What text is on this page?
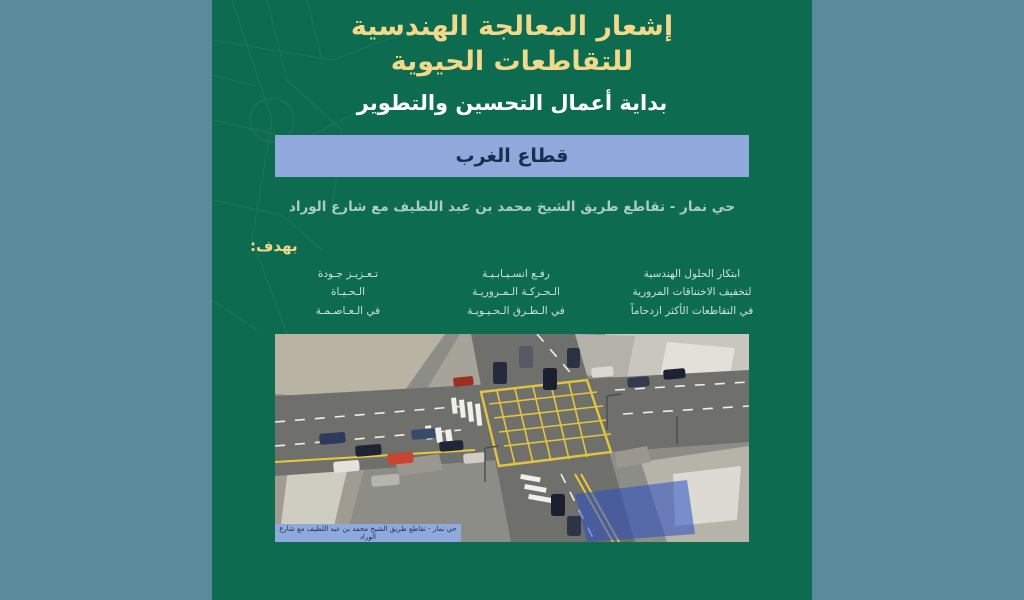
إشعار المعالجة الهندسية
للتقاطعات الحيوية
بداية أعمال التحسين والتطوير
قطاع الغرب
حي نمار - تقاطع طريق الشيخ محمد بن عبد اللطيف مع شارع الوراد
بهدف:
ابتكار الحلول الهندسية
لتخفيف الاختناقات المرورية
في التقاطعات الأكثر ازدحاماً
رفـع انسـيـابـيـة
الـحـركـة الـمـروريـة
في الـطـرق الـحـيـويـة
تـعـزيـز جـودة
الـحـيـاة
في الـعـاصـمـة
حي نمار - تقاطع طريق الشيخ محمد بن عبد اللطيف مع شارع الوراد
